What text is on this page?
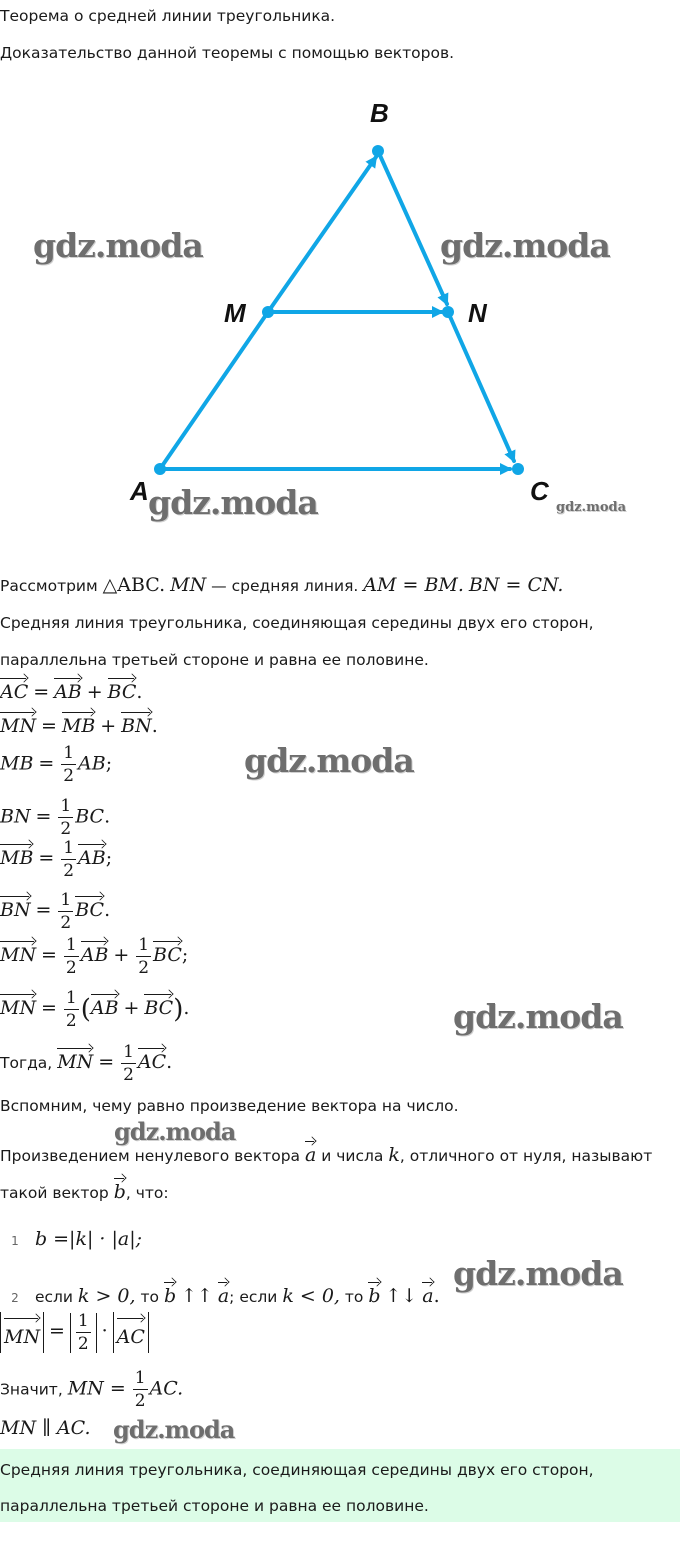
Теорема о средней линии треугольника.
Доказательство данной теоремы с помощью векторов.
B
M	N
A	C
gdz.moda	gdz.moda
gdz.moda	gdz.moda
gdz.moda
gdz.moda
gdz.moda
gdz.moda
gdz.moda
Рассмотрим △ABC. MN — средняя линия. AM = BM. BN = CN.
Средняя линия треугольника, соединяющая середины двух его сторон,
параллельна третьей стороне и равна ее половине.
AC = AB + BC.
MN = MB + BN.
MB = $\frac{1}{2}$ AB;
BN = $\frac{1}{2}$ BC.
MB = $\frac{1}{2}$ AB;
BN = $\frac{1}{2}$ BC.
MN = $\frac{1}{2}$ AB + $\frac{1}{2}$ BC;
MN = $\frac{1}{2} (AB + BC)$.
Тогда, MN = $\frac{1}{2}$ AC.
Вспомним, чему равно произведение вектора на число.
Произведением ненулевого вектора a и числа k, отличного от нуля, называют
такой вектор b, что:
1 b =|k| · |a|;
2 если k > 0, то b ↑↑ a; если k < 0, то b ↑↓ a.
MN = $\frac{1}{2}$ · AC
Значит, MN = $\frac{1}{2}$ AC.
MN ∥ AC.
Средняя линия треугольника, соединяющая середины двух его сторон,
параллельна третьей стороне и равна ее половине.
